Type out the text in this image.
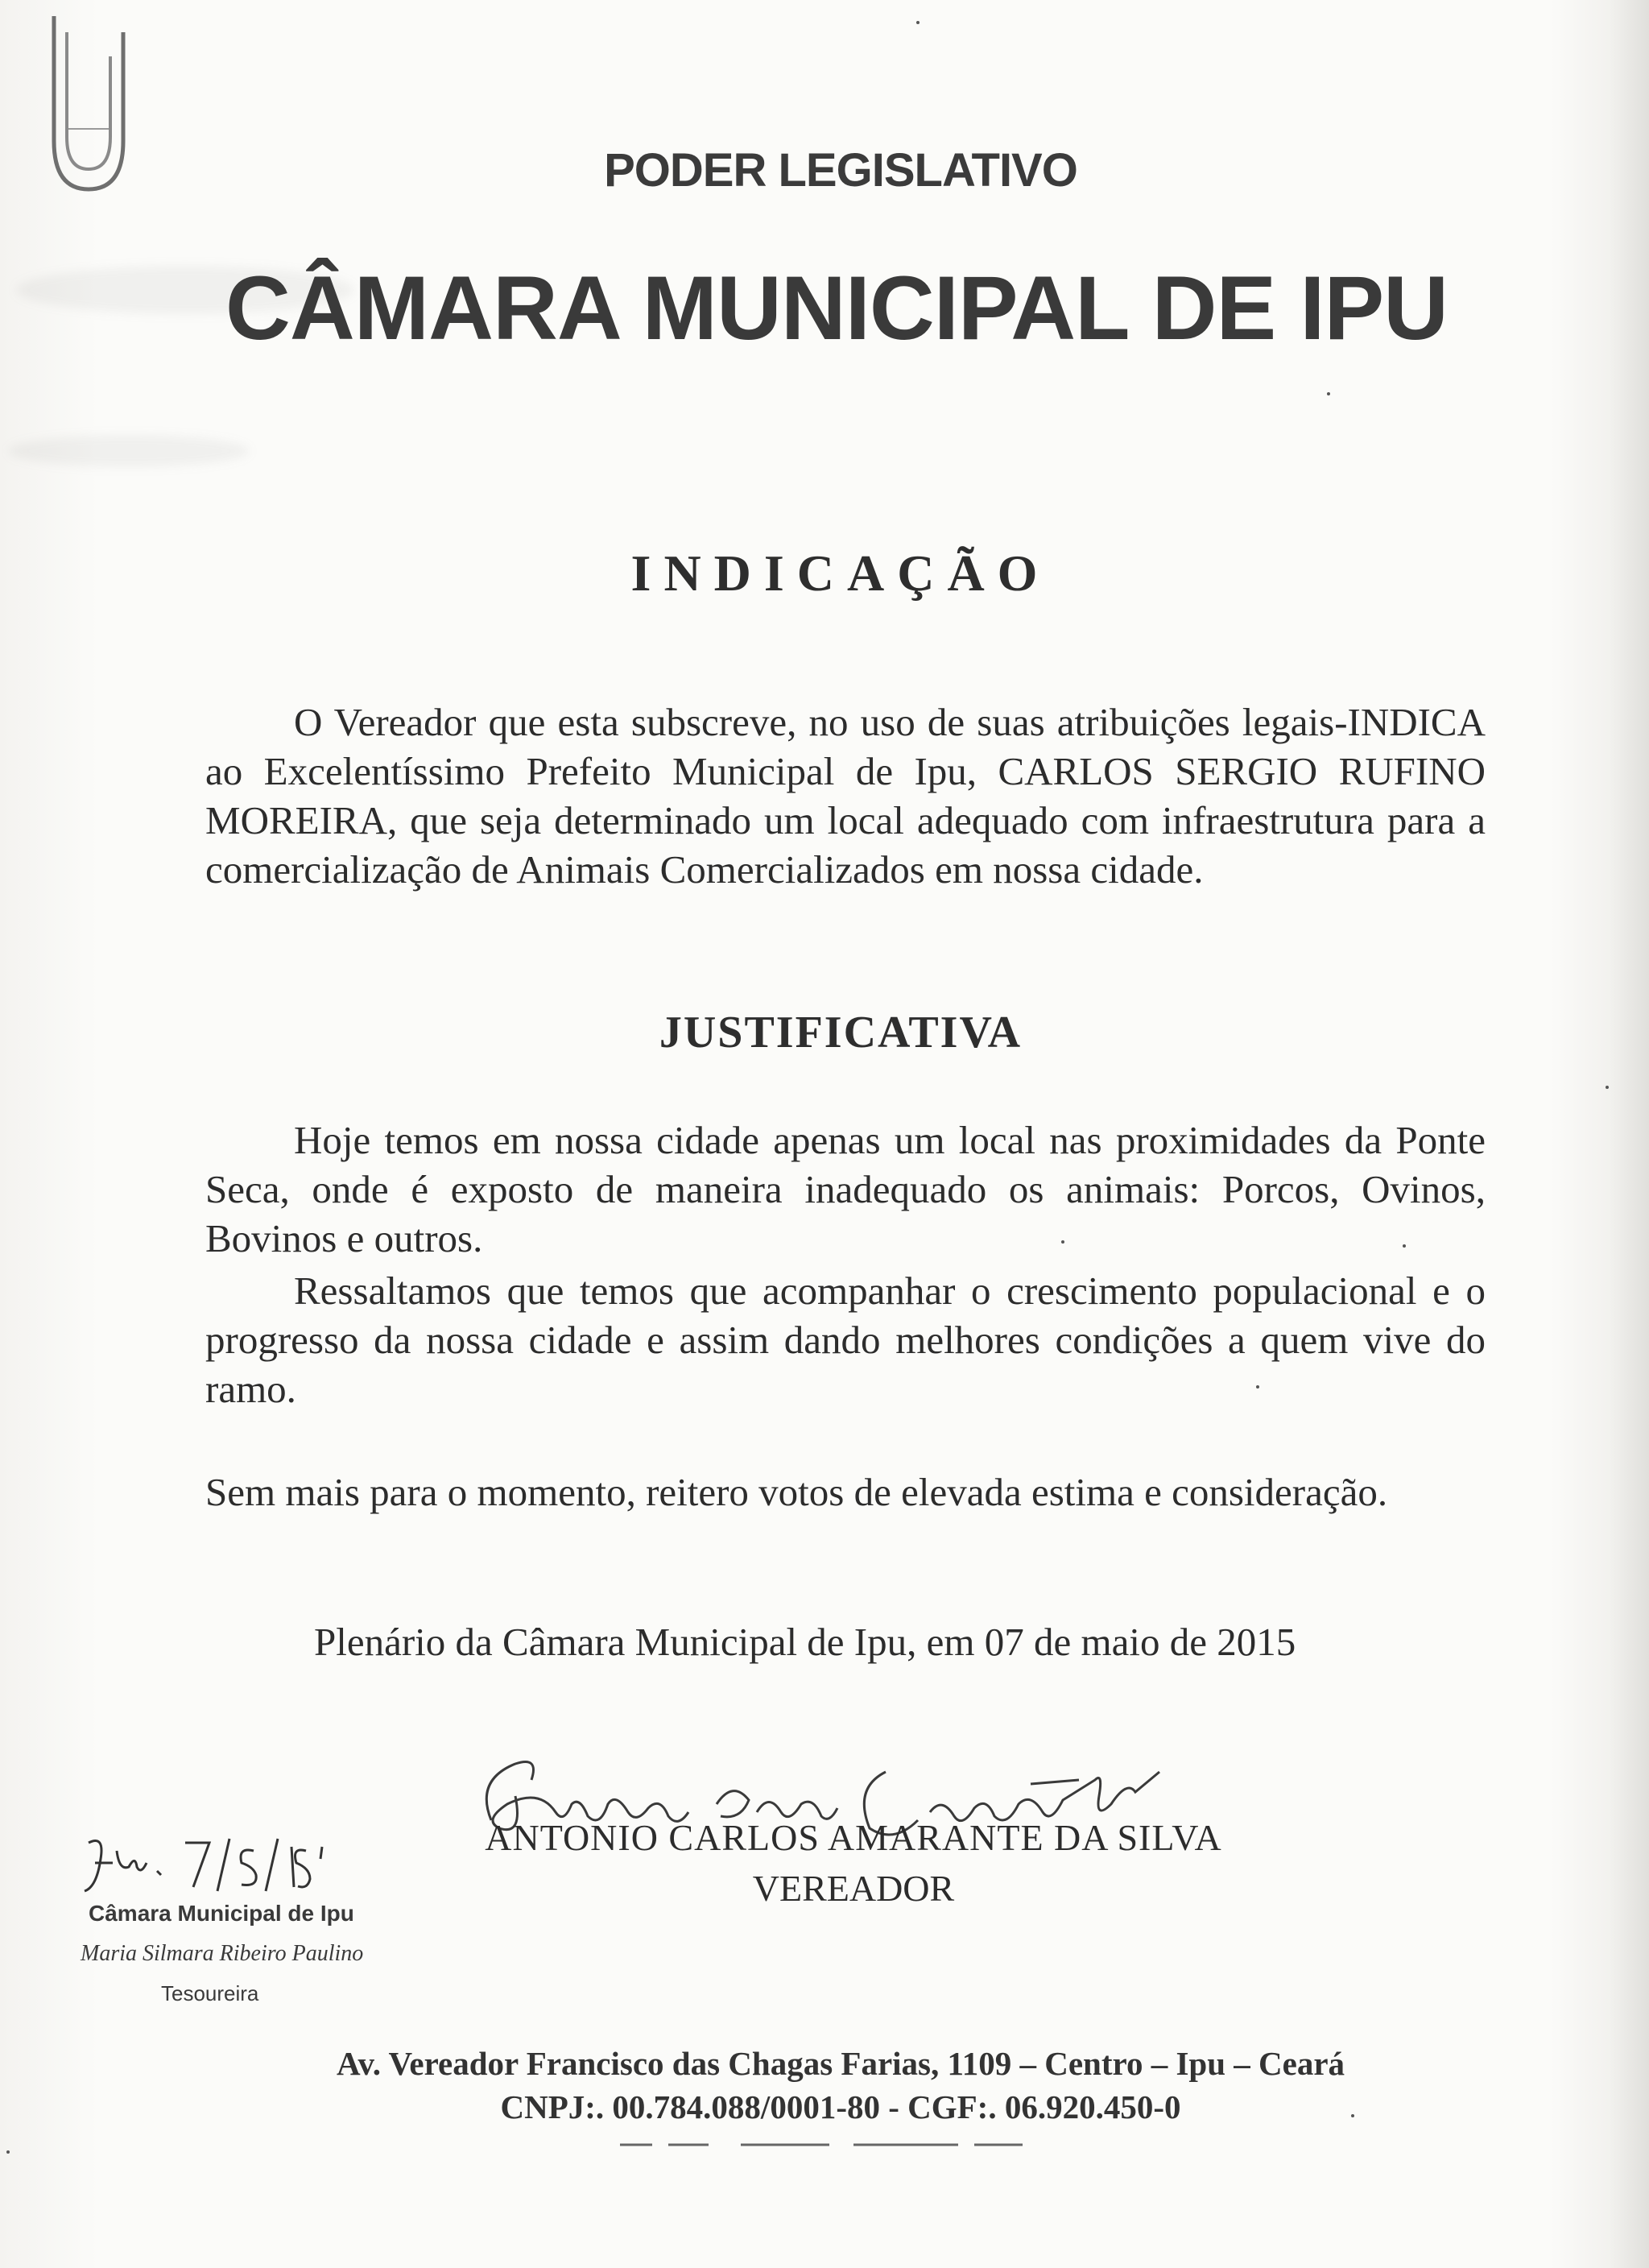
PODER LEGISLATIVO
CÂMARA MUNICIPAL DE IPU
INDICAÇÃO

O Vereador que esta subscreve, no uso de suas atribuições legais-INDICA ao Excelentíssimo Prefeito Municipal de Ipu, CARLOS SERGIO RUFINO MOREIRA, que seja determinado um local adequado com infraestrutura para a comercialização de Animais Comercializados em nossa cidade.

JUSTIFICATIVA

Hoje temos em nossa cidade apenas um local nas proximidades da Ponte Seca, onde é exposto de maneira inadequado os animais: Porcos, Ovinos, Bovinos e outros.

Ressaltamos que temos que acompanhar o crescimento populacional e o progresso da nossa cidade e assim dando melhores condições a quem vive do ramo.

Sem mais para o momento, reitero votos de elevada estima e consideração.

Plenário da Câmara Municipal de Ipu, em 07 de maio de 2015
ANTONIO CARLOS AMARANTE DA SILVA
VEREADOR
Câmara Municipal de Ipu
Maria Silmara Ribeiro Paulino
Tesoureira
Av. Vereador Francisco das Chagas Farias, 1109 – Centro – Ipu – Ceará
CNPJ:. 00.784.088/0001-80 - CGF:. 06.920.450-0
